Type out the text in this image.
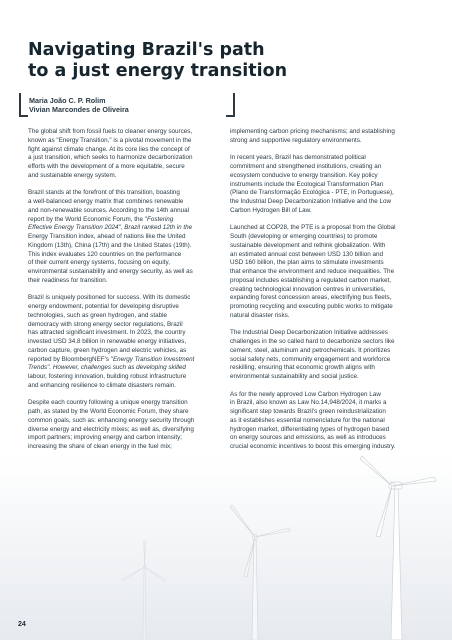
Navigating Brazil's path
to a just energy transition
Maria João C. P. Rolim
Vivian Marcondes de Oliveira

The global shift from fossil fuels to cleaner energy sources,
known as "Energy Transition," is a pivotal movement in the
fight against climate change. At its core lies the concept of
a just transition, which seeks to harmonize decarbonization
efforts with the development of a more equitable, secure
and sustainable energy system.

Brazil stands at the forefront of this transition, boasting
a well-balanced energy matrix that combines renewable
and non-renewable sources. According to the 14th annual
report by the World Economic Forum, the "Fostering
Effective Energy Transition 2024", Brazil ranked 12th in the
Energy Transition index, ahead of nations like the United
Kingdom (13th), China (17th) and the United States (19th).
This index evaluates 120 countries on the performance
of their current energy systems, focusing on equity,
environmental sustainability and energy security, as well as
their readiness for transition.

Brazil is uniquely positioned for success. With its domestic
energy endowment, potential for developing disruptive
technologies, such as green hydrogen, and stable
democracy with strong energy sector regulations, Brazil
has attracted significant investment. In 2023, the country
invested USD 34.8 billion in renewable energy initiatives,
carbon capture, green hydrogen and electric vehicles, as
reported by BloombergNEF's "Energy Transition Investment
Trends". However, challenges such as developing skilled
labour, fostering innovation, building robust infrastructure
and enhancing resilience to climate disasters remain.

Despite each country following a unique energy transition
path, as stated by the World Economic Forum, they share
common goals, such as: enhancing energy security through
diverse energy and electricity mixes; as well as, diversifying
import partners; improving energy and carbon intensity;
increasing the share of clean energy in the fuel mix;

implementing carbon pricing mechanisms; and establishing
strong and supportive regulatory environments.

In recent years, Brazil has demonstrated political
commitment and strengthened institutions, creating an
ecosystem conducive to energy transition. Key policy
instruments include the Ecological Transformation Plan
(Plano de Transformação Ecológica - PTE, in Portuguese),
the Industrial Deep Decarbonization Initiative and the Low
Carbon Hydrogen Bill of Law.

Launched at COP28, the PTE is a proposal from the Global
South (developing or emerging countries) to promote
sustainable development and rethink globalization. With
an estimated annual cost between USD 130 billion and
USD 160 billion, the plan aims to stimulate investments
that enhance the environment and reduce inequalities. The
proposal includes establishing a regulated carbon market,
creating technological innovation centres in universities,
expanding forest concession areas, electrifying bus fleets,
promoting recycling and executing public works to mitigate
natural disaster risks.

The Industrial Deep Decarbonization Initiative addresses
challenges in the so called hard to decarbonize sectors like
cement, steel, aluminum and petrochemicals. It prioritizes
social safety nets, community engagement and workforce
reskilling, ensuring that economic growth aligns with
environmental sustainability and social justice.

As for the newly approved Low Carbon Hydrogen Law
in Brazil, also known as Law No.14,948/2024, it marks a
significant step towards Brazil's green reindustrialization
as it establishes essential nomenclature for the national
hydrogen market, differentiating types of hydrogen based
on energy sources and emissions, as well as introduces
crucial economic incentives to boost this emerging industry.

24
